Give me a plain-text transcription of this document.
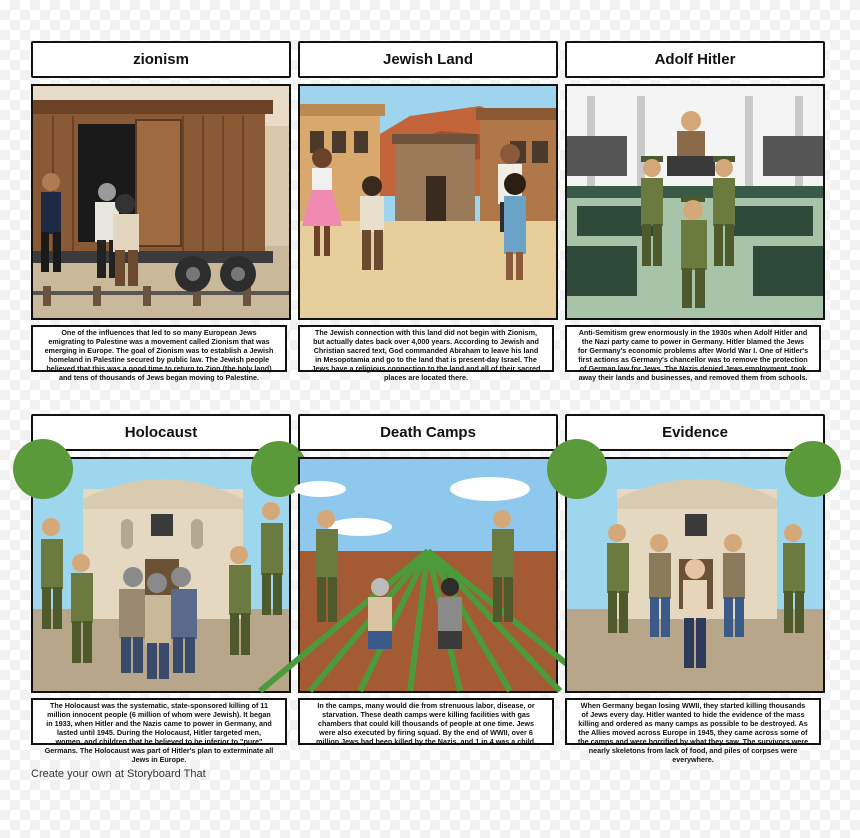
zionism
One of the influences that led to so many European Jews emigrating to Palestine was a movement called Zionism that was emerging in Europe. The goal of Zionism was to establish a Jewish homeland in Palestine secured by public law. The Jewish people believed that this was a good time to return to Zion (the holy land) and tens of thousands of Jews began moving to Palestine.
Jewish Land
The Jewish connection with this land did not begin with Zionism, but actually dates back over 4,000 years. According to Jewish and Christian sacred text, God commanded Abraham to leave his land in Mesopotamia and go to the land that is present-day Israel. The Jews have a religious connection to the land and all of their sacred places are located there.
Adolf Hitler
Anti-Semitism grew enormously in the 1930s when Adolf Hitler and the Nazi party came to power in Germany. Hitler blamed the Jews for Germany's economic problems after World War I. One of Hitler's first actions as Germany's chancellor was to remove the protection of German law for Jews. The Nazis denied Jews employment, took away their lands and businesses, and removed them from schools.
Holocaust
The Holocaust was the systematic, state-sponsored killing of 11 million innocent people (6 million of whom were Jewish). It began in 1933, when Hitler and the Nazis came to power in Germany, and lasted until 1945. During the Holocaust, Hitler targeted men, women, and children that he believed to be inferior to "pure" Germans. The Holocaust was part of Hitler's plan to exterminate all Jews in Europe.
Death Camps
In the camps, many would die from strenuous labor, disease, or starvation. These death camps were killing facilities with gas chambers that could kill thousands of people at one time. Jews were also executed by firing squad. By the end of WWII, over 6 million Jews had been killed by the Nazis, and 1 in 4 was a child.
Evidence
When Germany began losing WWII, they started killing thousands of Jews every day. Hitler wanted to hide the evidence of the mass killing and ordered as many camps as possible to be destroyed. As the Allies moved across Europe in 1945, they came across some of the camps and were horrified by what they saw. The survivors were nearly skeletons from lack of food, and piles of corpses were everywhere.
Create your own at Storyboard That
